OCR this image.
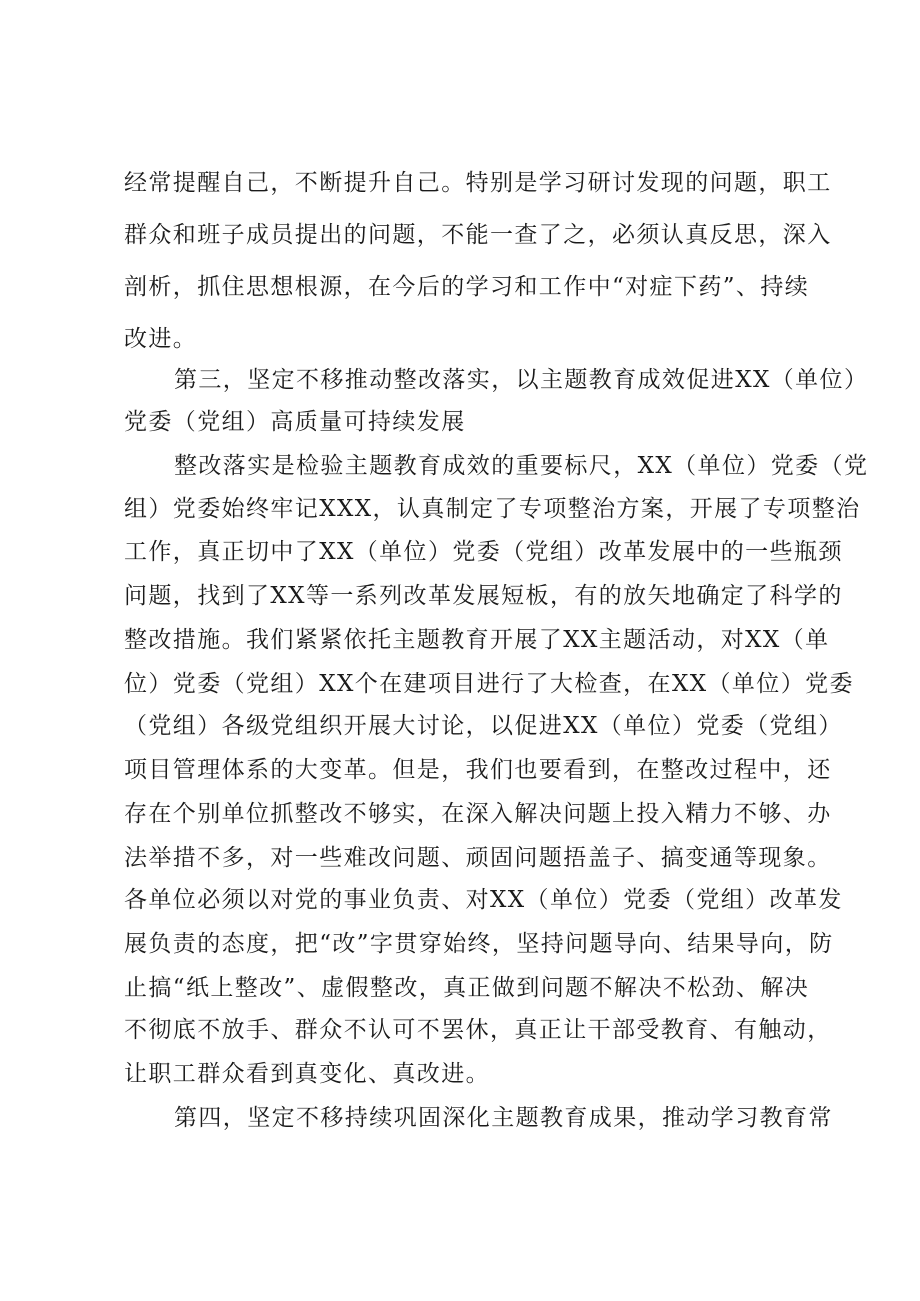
经常提醒自己，不断提升自己。特别是学习研讨发现的问题，职工
群众和班子成员提出的问题，不能一查了之，必须认真反思，深入
剖析，抓住思想根源，在今后的学习和工作中“对症下药”、持续
改进。
第三，坚定不移推动整改落实，以主题教育成效促进XX（单位）
党委（党组）高质量可持续发展
整改落实是检验主题教育成效的重要标尺，XX（单位）党委（党
组）党委始终牢记XXX，认真制定了专项整治方案，开展了专项整治
工作，真正切中了XX（单位）党委（党组）改革发展中的一些瓶颈
问题，找到了XX等一系列改革发展短板，有的放矢地确定了科学的
整改措施。我们紧紧依托主题教育开展了XX主题活动，对XX（单
位）党委（党组）XX个在建项目进行了大检查，在XX（单位）党委
（党组）各级党组织开展大讨论，以促进XX（单位）党委（党组）
项目管理体系的大变革。但是，我们也要看到，在整改过程中，还
存在个别单位抓整改不够实，在深入解决问题上投入精力不够、办
法举措不多，对一些难改问题、顽固问题捂盖子、搞变通等现象。
各单位必须以对党的事业负责、对XX（单位）党委（党组）改革发
展负责的态度，把“改”字贯穿始终，坚持问题导向、结果导向，防
止搞“纸上整改”、虚假整改，真正做到问题不解决不松劲、解决
不彻底不放手、群众不认可不罢休，真正让干部受教育、有触动，
让职工群众看到真变化、真改进。
第四，坚定不移持续巩固深化主题教育成果，推动学习教育常
